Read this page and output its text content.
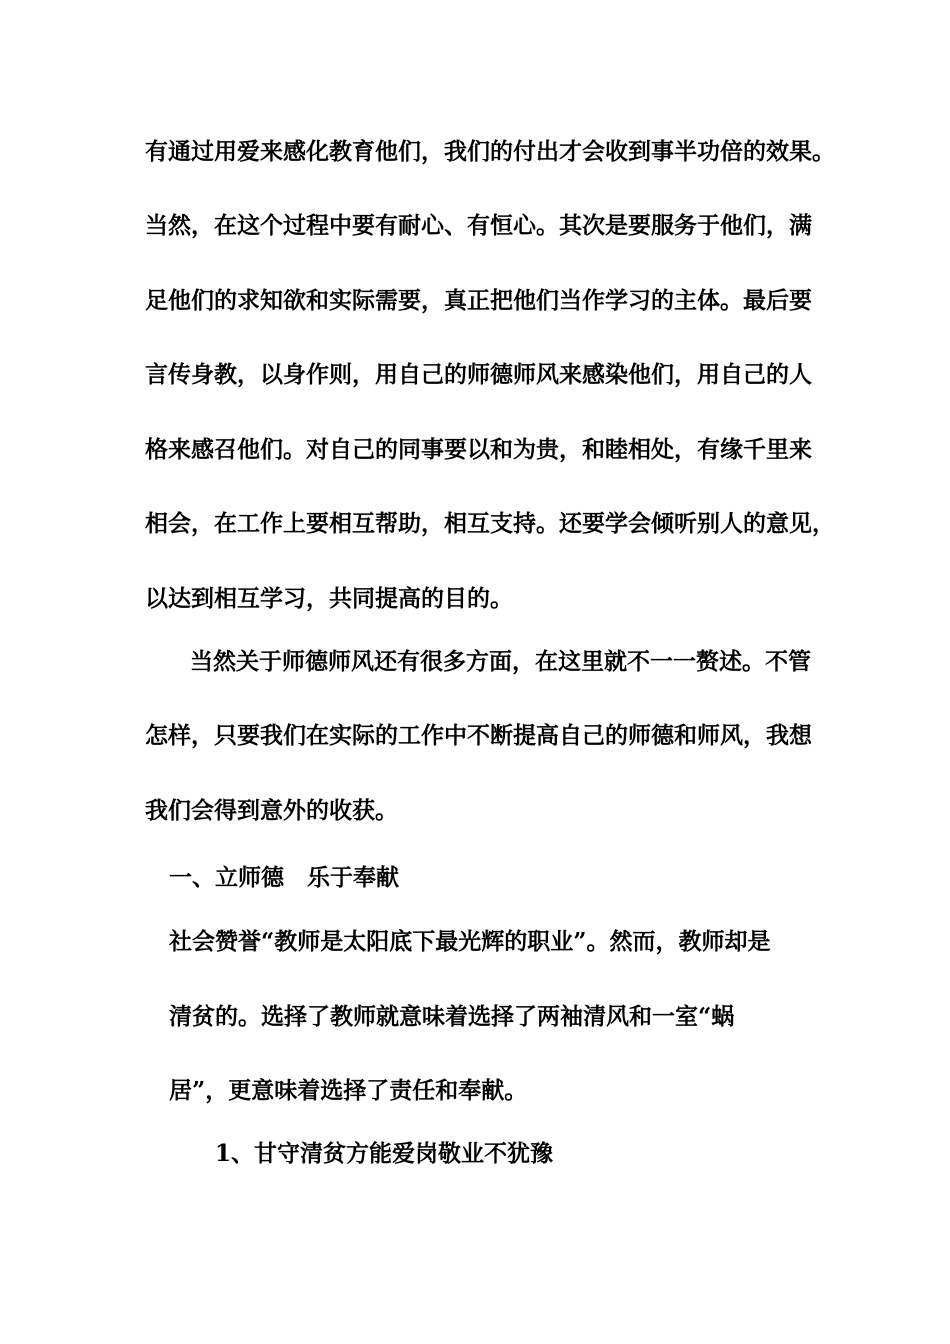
有通过用爱来感化教育他们，我们的付出才会收到事半功倍的效果。
当然，在这个过程中要有耐心、有恒心。其次是要服务于他们，满
足他们的求知欲和实际需要，真正把他们当作学习的主体。最后要
言传身教，以身作则，用自己的师德师风来感染他们，用自己的人
格来感召他们。对自己的同事要以和为贵，和睦相处，有缘千里来
相会，在工作上要相互帮助，相互支持。还要学会倾听别人的意见，
以达到相互学习，共同提高的目的。
当然关于师德师风还有很多方面，在这里就不一一赘述。不管
怎样，只要我们在实际的工作中不断提高自己的师德和师风，我想
我们会得到意外的收获。
一、立师德　乐于奉献
社会赞誉“教师是太阳底下最光辉的职业”。然而，教师却是
清贫的。选择了教师就意味着选择了两袖清风和一室“蜗
居”，更意味着选择了责任和奉献。
1、甘守清贫方能爱岗敬业不犹豫
